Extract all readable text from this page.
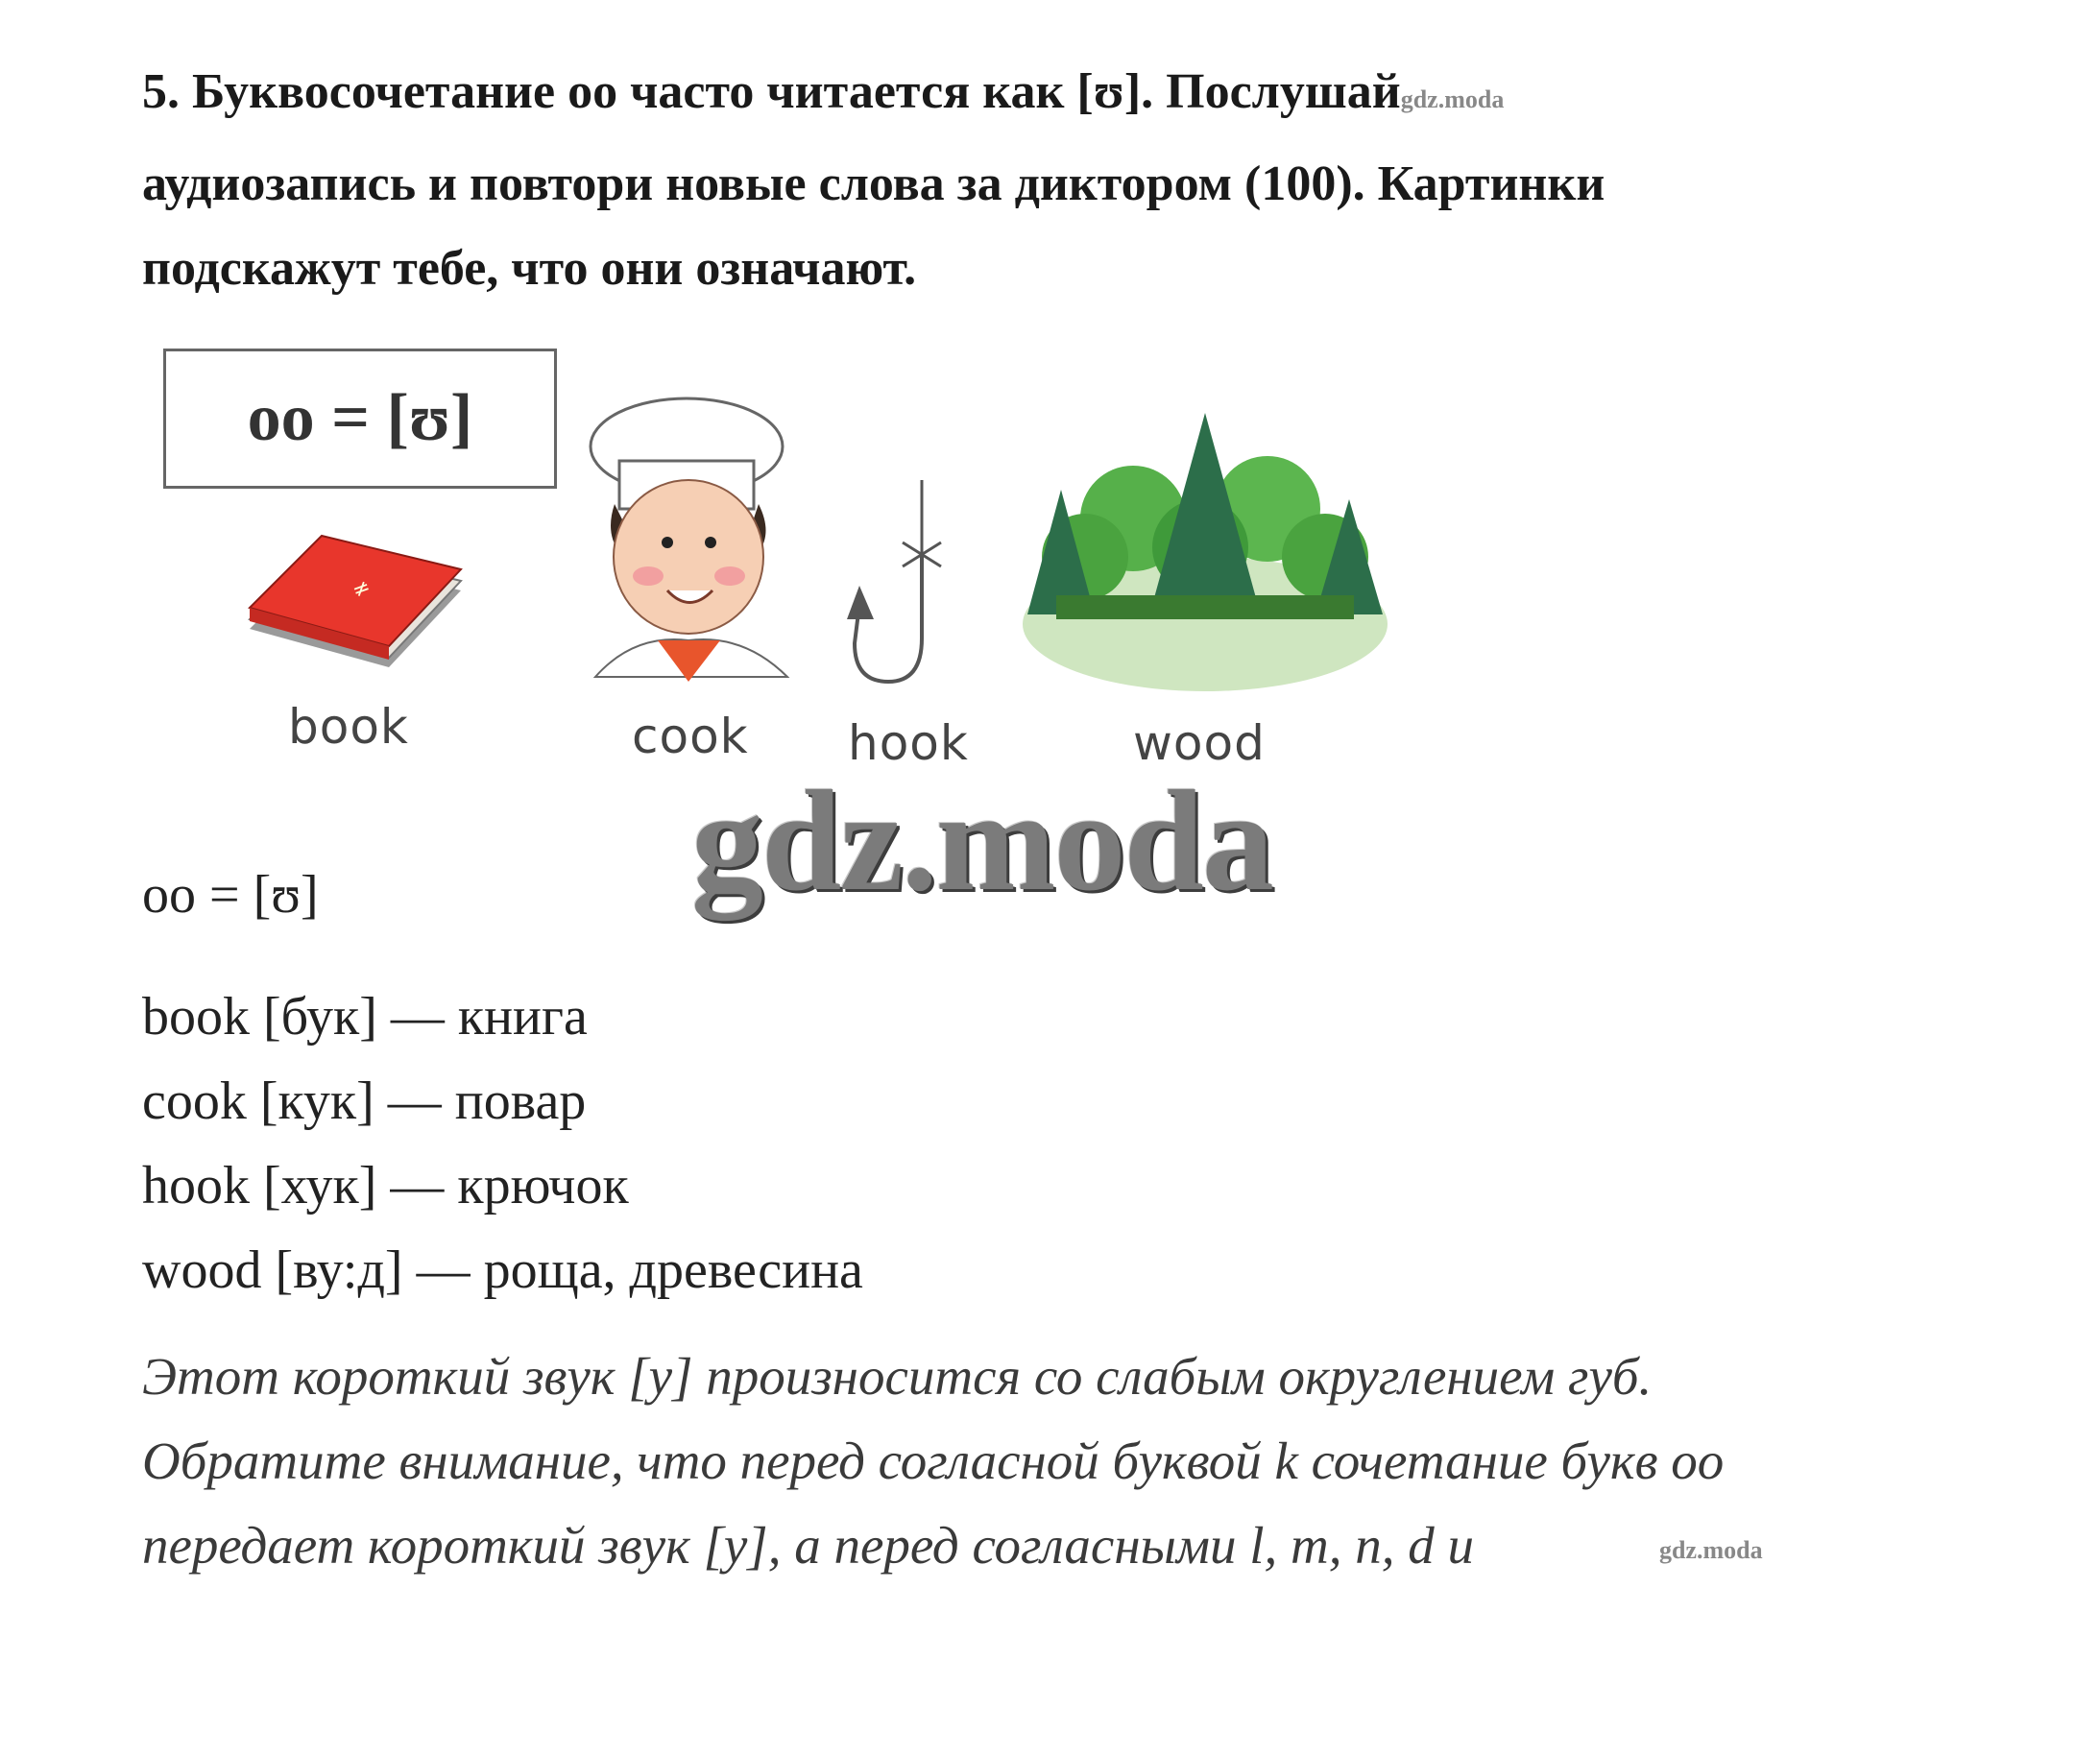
5. Буквосочетание оо часто читается как [ʊ]. Послушайgdz.moda
аудиозапись и повтори новые слова за диктором (100). Картинки
подскажут тебе, что они означают.
oo = [ʊ]
≠
book	cook hook	wood
gdz.moda
oo = [ʊ]
book [бук] — книга
cook [кук] — повар
hook [хук] — крючок
wood [ву:д] — роща, древесина
Этот короткий звук [у] произносится со слабым округлением губ.
Обратите внимание, что перед согласной буквой k сочетание букв оо
передает короткий звук [у], а перед согласными l, m, n, d и	gdz.moda
